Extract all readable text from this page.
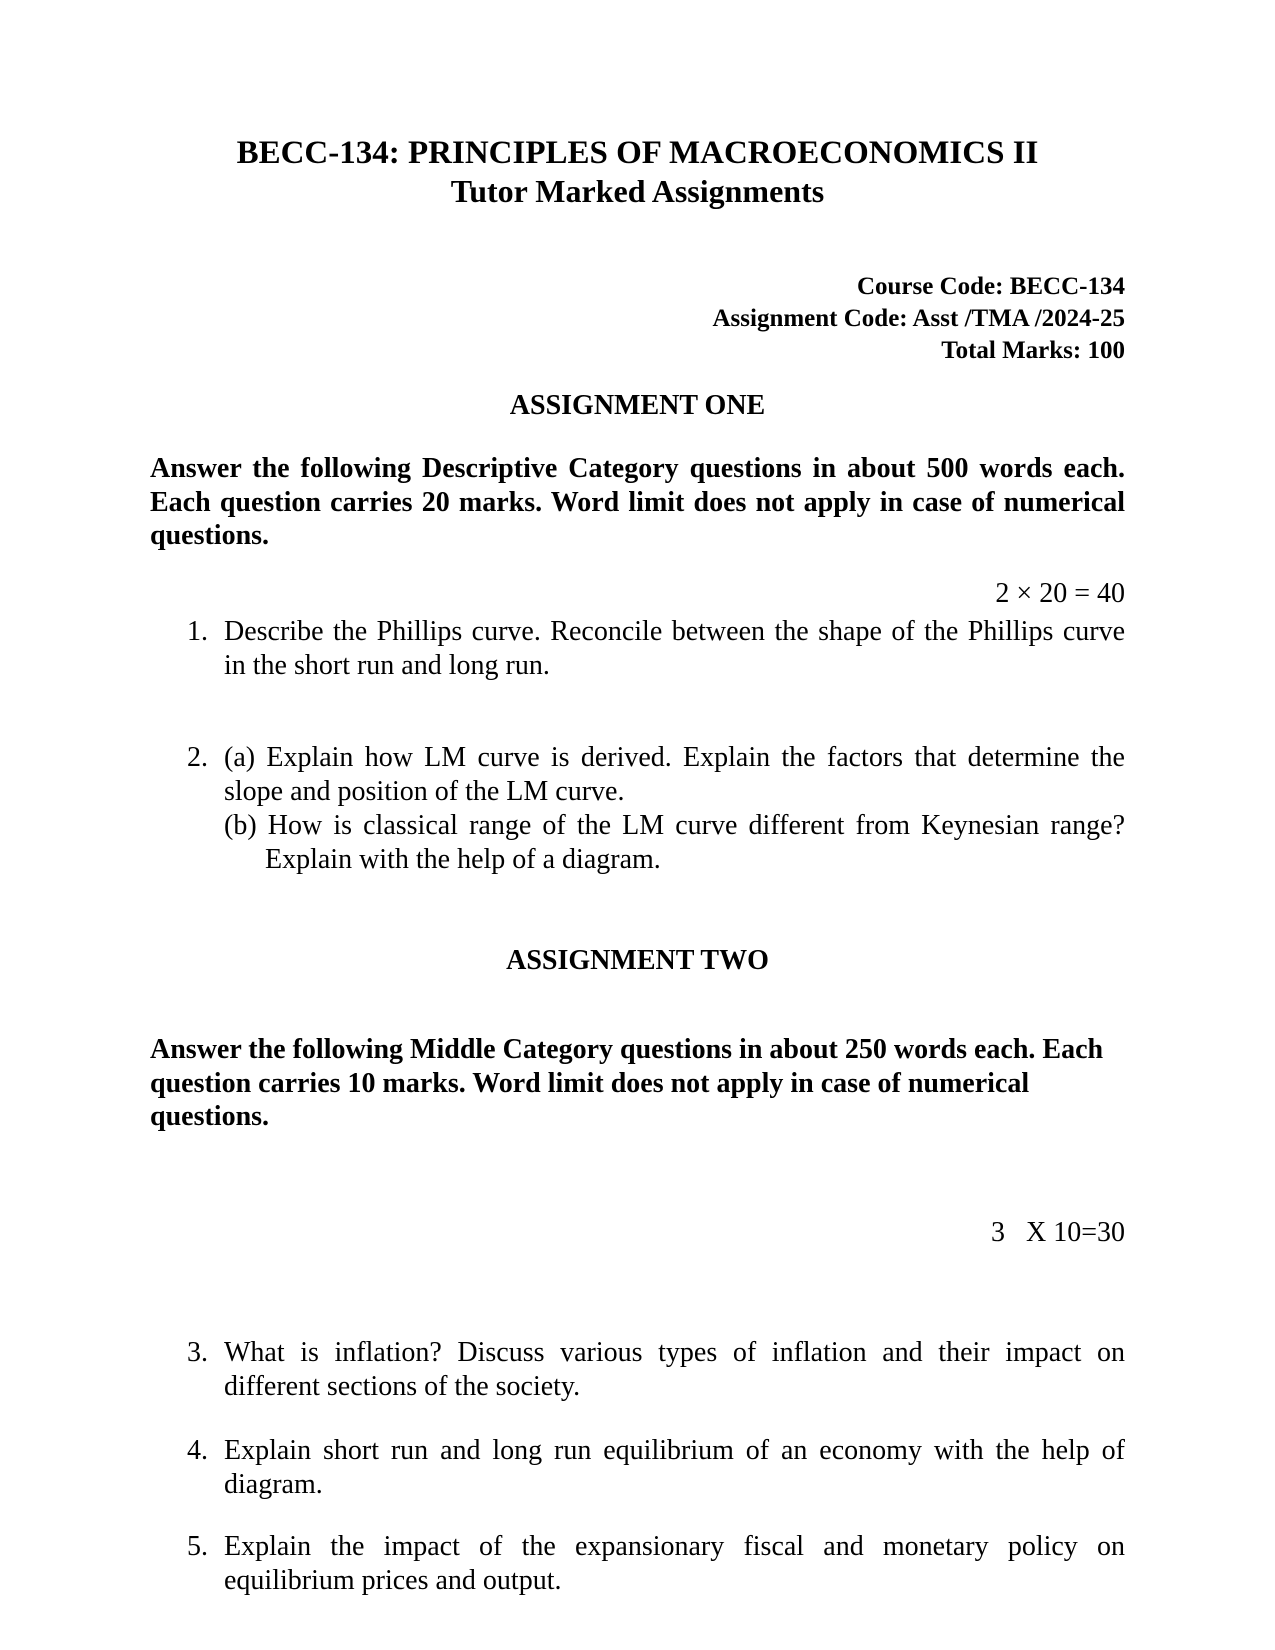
BECC-134: PRINCIPLES OF MACROECONOMICS II
Tutor Marked Assignments
Course Code: BECC-134
Assignment Code: Asst /TMA /2024-25
Total Marks: 100
ASSIGNMENT ONE
Answer the following Descriptive Category questions in about 500 words each. Each question carries 20 marks. Word limit does not apply in case of numerical questions.
2 × 20 = 40
1. Describe the Phillips curve. Reconcile between the shape of the Phillips curve in the short run and long run.
2. (a) Explain how LM curve is derived. Explain the factors that determine the slope and position of the LM curve.
(b) How is classical range of the LM curve different from Keynesian range? Explain with the help of a diagram.
ASSIGNMENT TWO
Answer the following Middle Category questions in about 250 words each. Each question carries 10 marks. Word limit does not apply in case of numerical questions.
3   X 10=30
3. What is inflation? Discuss various types of inflation and their impact on different sections of the society.
4. Explain short run and long run equilibrium of an economy with the help of diagram.
5. Explain the impact of the expansionary fiscal and monetary policy on equilibrium prices and output.
